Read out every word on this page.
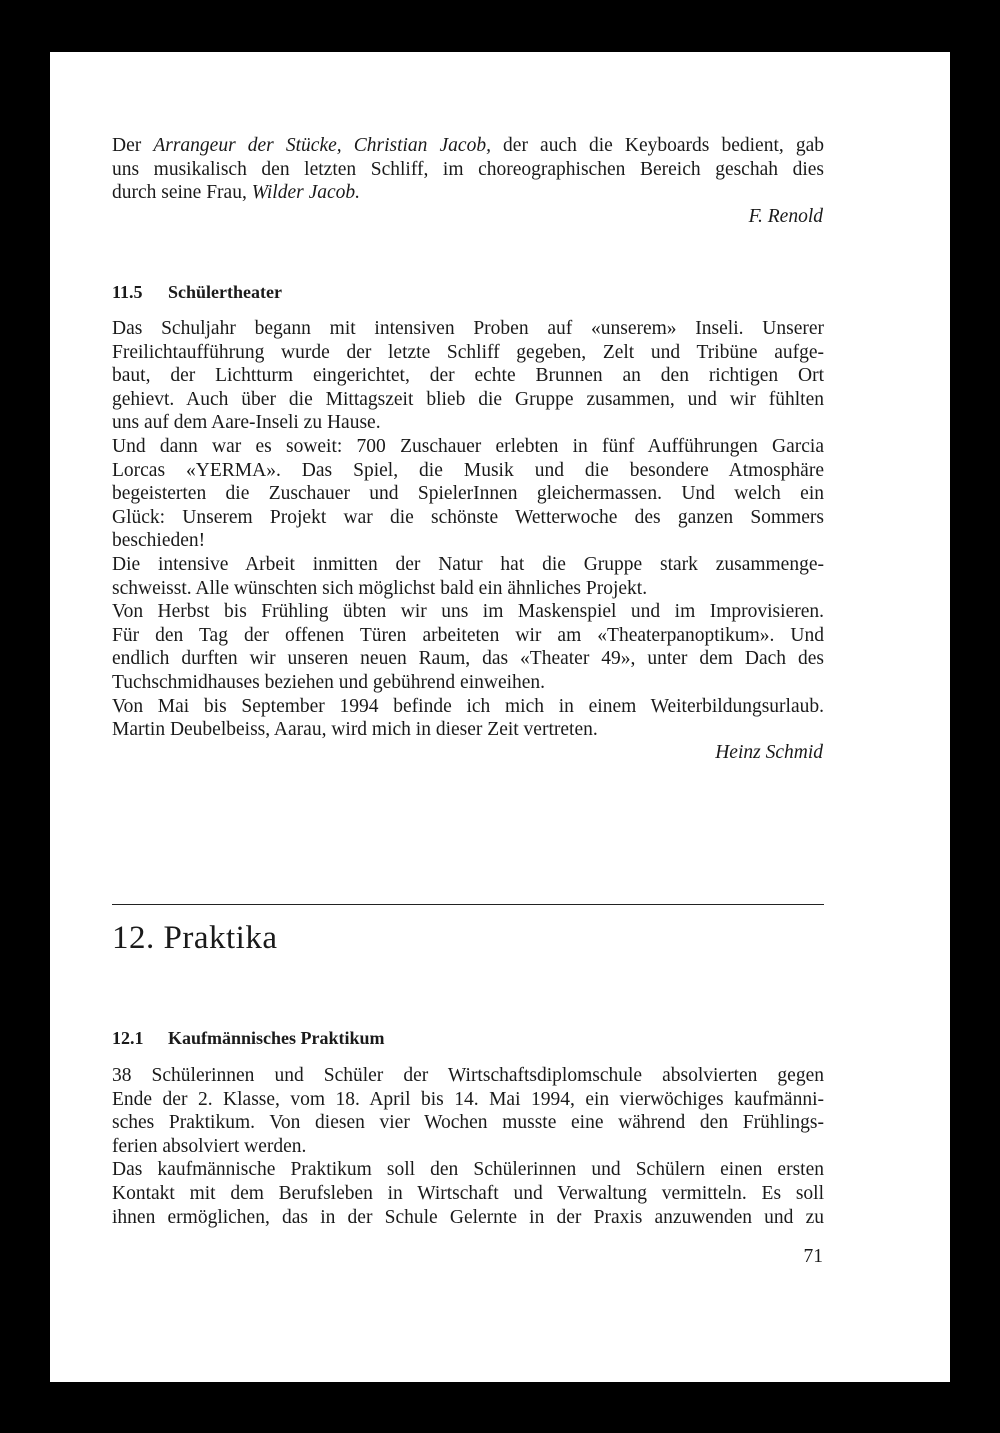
Der Arrangeur der Stücke, Christian Jacob, der auch die Keyboards bedient, gab
uns musikalisch den letzten Schliff, im choreographischen Bereich geschah dies
durch seine Frau, Wilder Jacob.
F. Renold
11.5 Schülertheater
Das Schuljahr begann mit intensiven Proben auf «unserem» Inseli. Unserer
Freilichtaufführung wurde der letzte Schliff gegeben, Zelt und Tribüne aufge-
baut, der Lichtturm eingerichtet, der echte Brunnen an den richtigen Ort
gehievt. Auch über die Mittagszeit blieb die Gruppe zusammen, und wir fühlten
uns auf dem Aare-Inseli zu Hause.
Und dann war es soweit: 700 Zuschauer erlebten in fünf Aufführungen Garcia
Lorcas «YERMA». Das Spiel, die Musik und die besondere Atmosphäre
begeisterten die Zuschauer und SpielerInnen gleichermassen. Und welch ein
Glück: Unserem Projekt war die schönste Wetterwoche des ganzen Sommers
beschieden!
Die intensive Arbeit inmitten der Natur hat die Gruppe stark zusammenge-
schweisst. Alle wünschten sich möglichst bald ein ähnliches Projekt.
Von Herbst bis Frühling übten wir uns im Maskenspiel und im Improvisieren.
Für den Tag der offenen Türen arbeiteten wir am «Theaterpanoptikum». Und
endlich durften wir unseren neuen Raum, das «Theater 49», unter dem Dach des
Tuchschmidhauses beziehen und gebührend einweihen.
Von Mai bis September 1994 befinde ich mich in einem Weiterbildungsurlaub.
Martin Deubelbeiss, Aarau, wird mich in dieser Zeit vertreten.
Heinz Schmid
12. Praktika
12.1 Kaufmännisches Praktikum
38 Schülerinnen und Schüler der Wirtschaftsdiplomschule absolvierten gegen
Ende der 2. Klasse, vom 18. April bis 14. Mai 1994, ein vierwöchiges kaufmänni-
sches Praktikum. Von diesen vier Wochen musste eine während den Frühlings-
ferien absolviert werden.
Das kaufmännische Praktikum soll den Schülerinnen und Schülern einen ersten
Kontakt mit dem Berufsleben in Wirtschaft und Verwaltung vermitteln. Es soll
ihnen ermöglichen, das in der Schule Gelernte in der Praxis anzuwenden und zu
71
